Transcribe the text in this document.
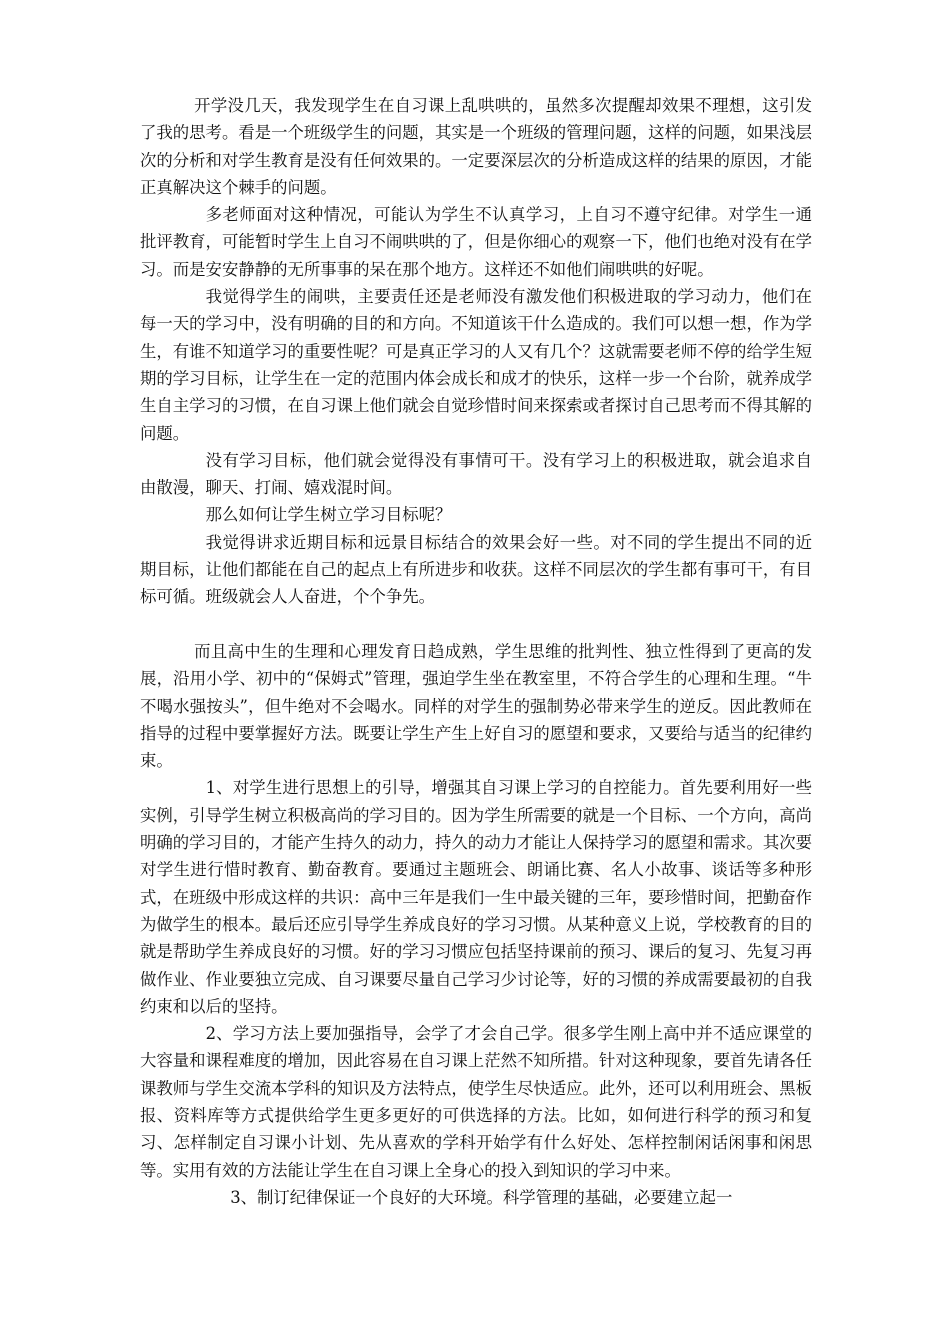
开学没几天，我发现学生在自习课上乱哄哄的，虽然多次提醒却效果不理想，这引发了我的思考。看是一个班级学生的问题，其实是一个班级的管理问题，这样的问题，如果浅层次的分析和对学生教育是没有任何效果的。一定要深层次的分析造成这样的结果的原因，才能正真解决这个棘手的问题。

多老师面对这种情况，可能认为学生不认真学习，上自习不遵守纪律。对学生一通批评教育，可能暂时学生上自习不闹哄哄的了，但是你细心的观察一下，他们也绝对没有在学习。而是安安静静的无所事事的呆在那个地方。这样还不如他们闹哄哄的好呢。

我觉得学生的闹哄，主要责任还是老师没有激发他们积极进取的学习动力，他们在每一天的学习中，没有明确的目的和方向。不知道该干什么造成的。我们可以想一想，作为学生，有谁不知道学习的重要性呢？可是真正学习的人又有几个？这就需要老师不停的给学生短期的学习目标，让学生在一定的范围内体会成长和成才的快乐，这样一步一个台阶，就养成学生自主学习的习惯，在自习课上他们就会自觉珍惜时间来探索或者探讨自己思考而不得其解的问题。

没有学习目标，他们就会觉得没有事情可干。没有学习上的积极进取，就会追求自由散漫，聊天、打闹、嬉戏混时间。

那么如何让学生树立学习目标呢？

我觉得讲求近期目标和远景目标结合的效果会好一些。对不同的学生提出不同的近期目标，让他们都能在自己的起点上有所进步和收获。这样不同层次的学生都有事可干，有目标可循。班级就会人人奋进，个个争先。

而且高中生的生理和心理发育日趋成熟，学生思维的批判性、独立性得到了更高的发展，沿用小学、初中的“保姆式”管理，强迫学生坐在教室里，不符合学生的心理和生理。“牛不喝水强按头”，但牛绝对不会喝水。同样的对学生的强制势必带来学生的逆反。因此教师在指导的过程中要掌握好方法。既要让学生产生上好自习的愿望和要求，又要给与适当的纪律约束。

1、对学生进行思想上的引导，增强其自习课上学习的自控能力。首先要利用好一些实例，引导学生树立积极高尚的学习目的。因为学生所需要的就是一个目标、一个方向，高尚明确的学习目的，才能产生持久的动力，持久的动力才能让人保持学习的愿望和需求。其次要对学生进行惜时教育、勤奋教育。要通过主题班会、朗诵比赛、名人小故事、谈话等多种形式，在班级中形成这样的共识：高中三年是我们一生中最关键的三年，要珍惜时间，把勤奋作为做学生的根本。最后还应引导学生养成良好的学习习惯。从某种意义上说，学校教育的目的就是帮助学生养成良好的习惯。好的学习习惯应包括坚持课前的预习、课后的复习、先复习再做作业、作业要独立完成、自习课要尽量自己学习少讨论等，好的习惯的养成需要最初的自我约束和以后的坚持。

2、学习方法上要加强指导，会学了才会自己学。很多学生刚上高中并不适应课堂的大容量和课程难度的增加，因此容易在自习课上茫然不知所措。针对这种现象，要首先请各任课教师与学生交流本学科的知识及方法特点，使学生尽快适应。此外，还可以利用班会、黑板报、资料库等方式提供给学生更多更好的可供选择的方法。比如，如何进行科学的预习和复习、怎样制定自习课小计划、先从喜欢的学科开始学有什么好处、怎样控制闲话闲事和闲思等。实用有效的方法能让学生在自习课上全身心的投入到知识的学习中来。

3、制订纪律保证一个良好的大环境。科学管理的基础，必要建立起一
